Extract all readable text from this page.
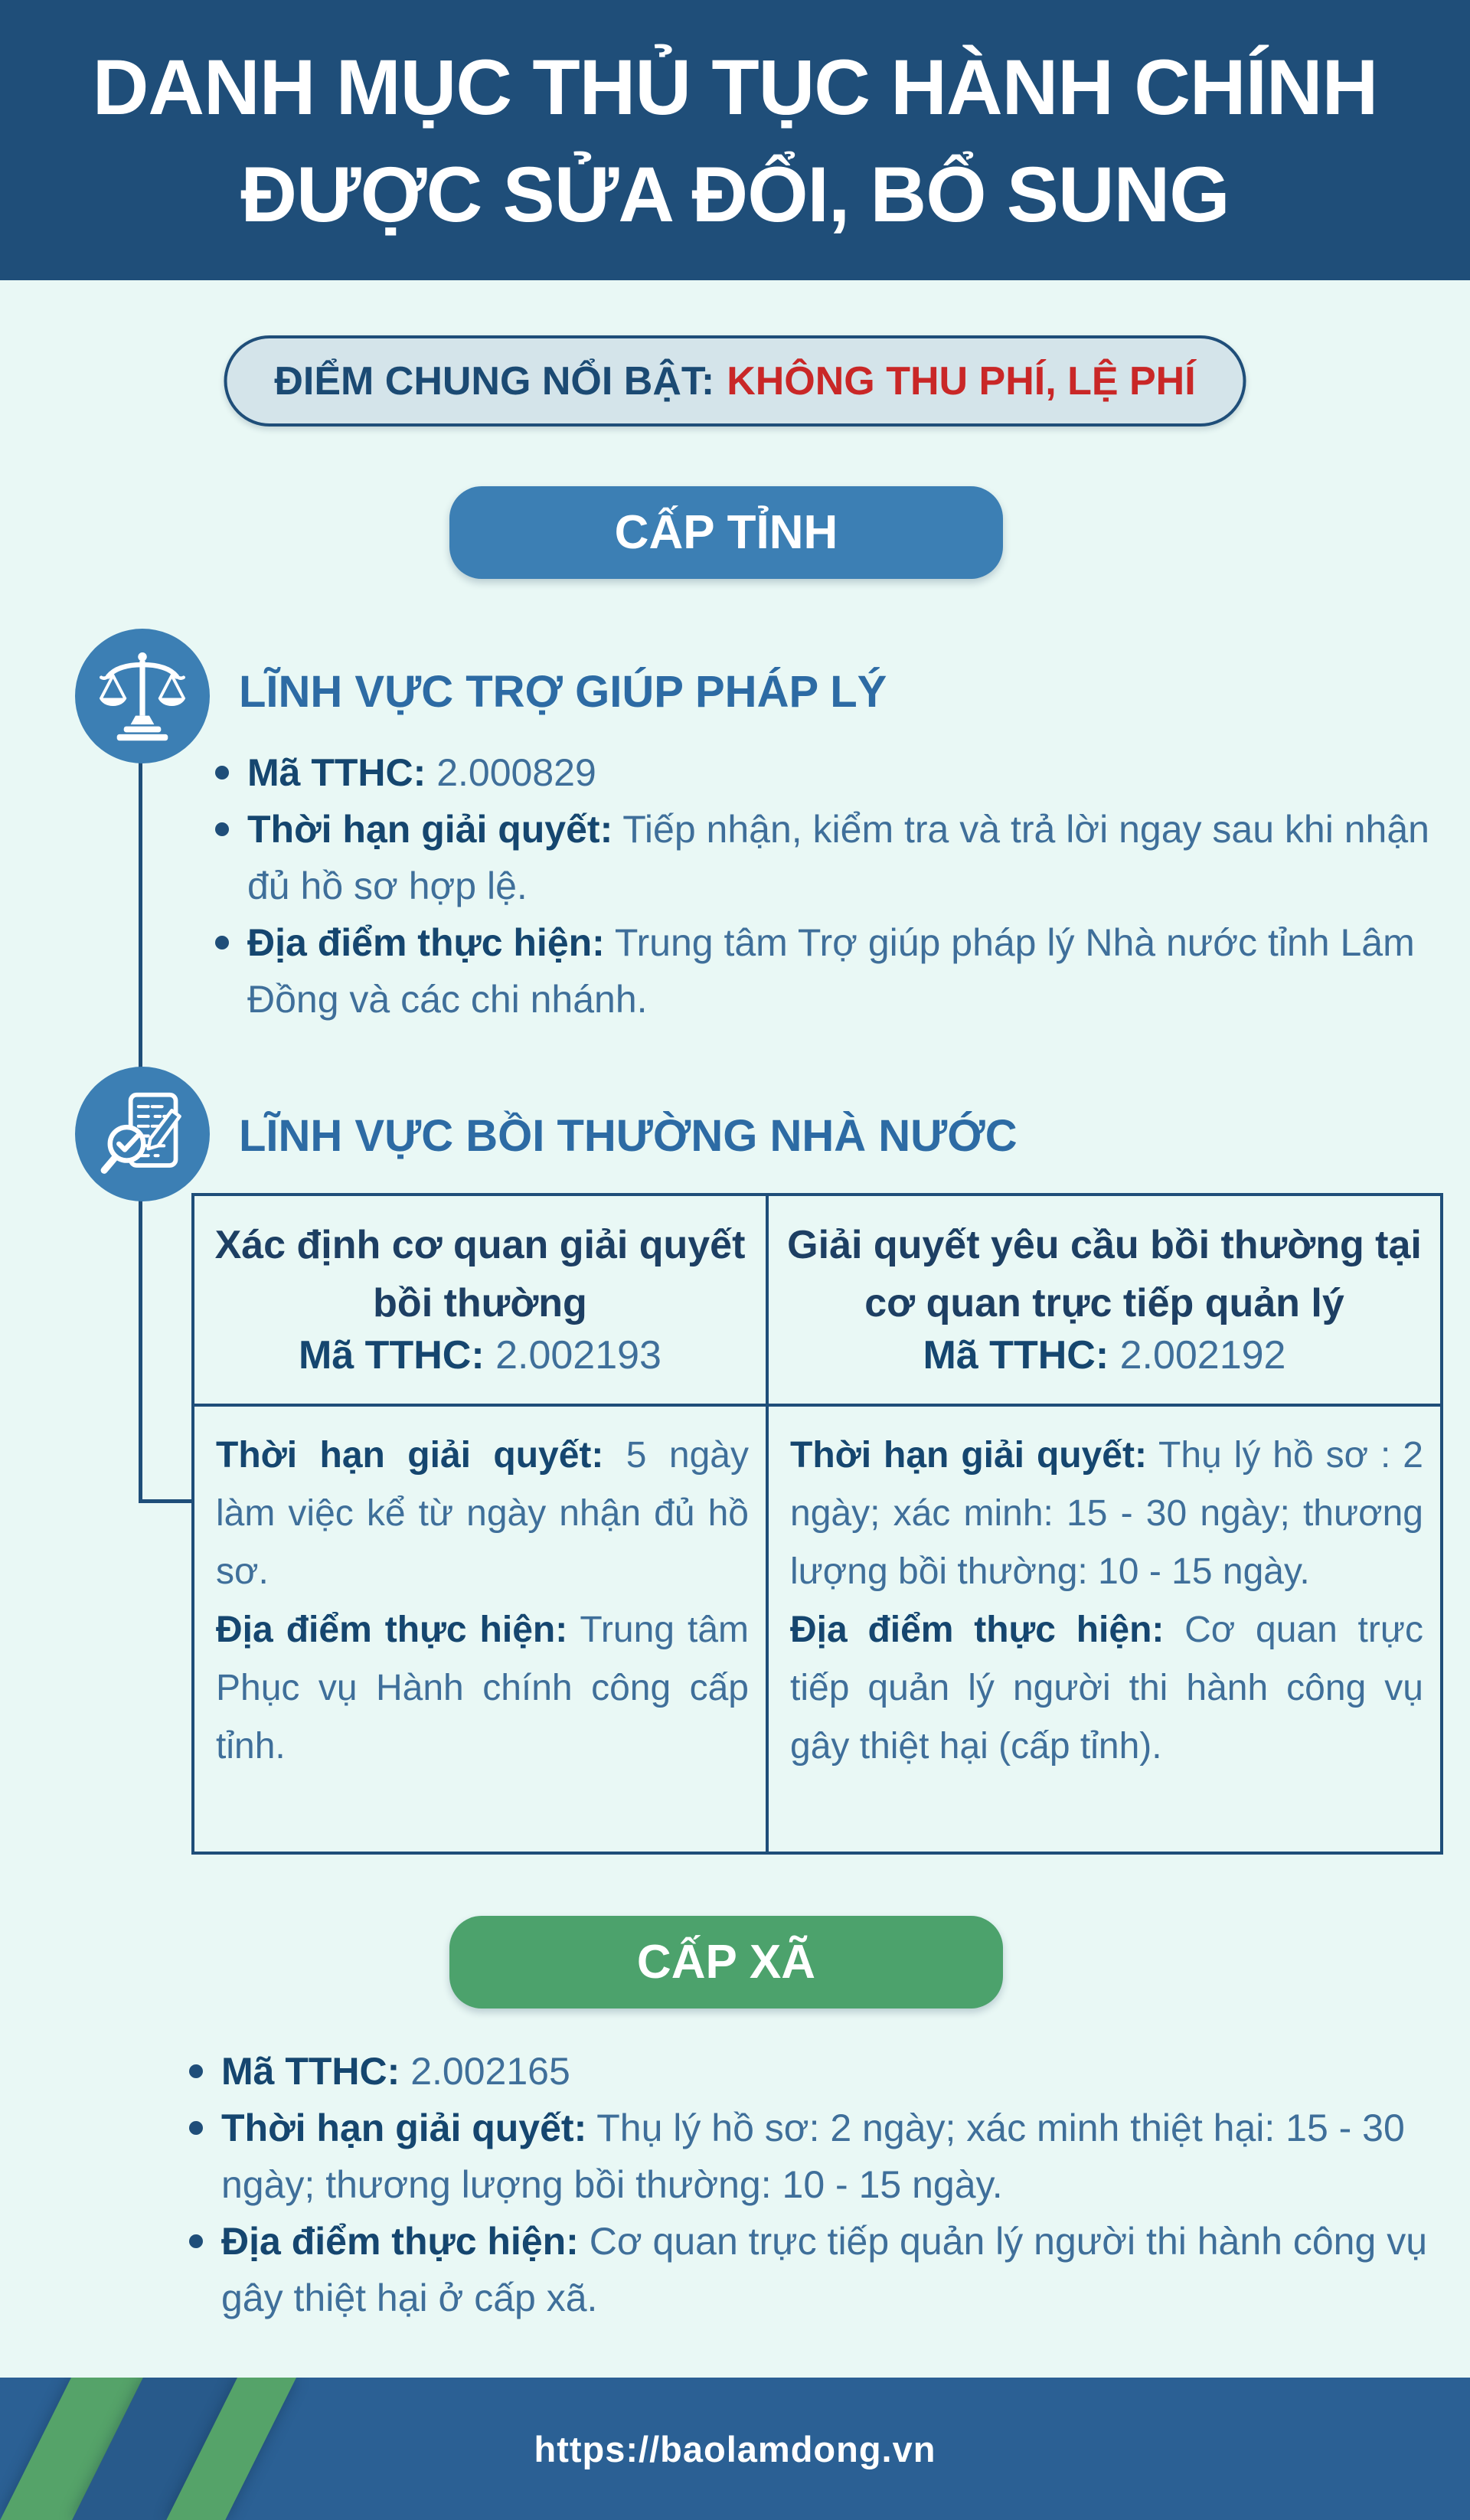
DANH MỤC THỦ TỤC HÀNH CHÍNH
ĐƯỢC SỬA ĐỔI, BỔ SUNG
ĐIỂM CHUNG NỔI BẬT: KHÔNG THU PHÍ, LỆ PHÍ
CẤP TỈNH
LĨNH VỰC TRỢ GIÚP PHÁP LÝ

Mã TTHC: 2.000829

Thời hạn giải quyết: Tiếp nhận, kiểm tra và trả lời ngay sau khi nhận đủ hồ sơ hợp lệ.

Địa điểm thực hiện: Trung tâm Trợ giúp pháp lý Nhà nước tỉnh Lâm Đồng và các chi nhánh.

LĨNH VỰC BỒI THƯỜNG NHÀ NƯỚC

Xác định cơ quan giải quyết bồi thường

Mã TTHC: 2.002193

Giải quyết yêu cầu bồi thường tại cơ quan trực tiếp quản lý

Mã TTHC: 2.002192

Thời hạn giải quyết: 5 ngày làm việc kể từ ngày nhận đủ hồ sơ.

Địa điểm thực hiện: Trung tâm Phục vụ Hành chính công cấp tỉnh.

Thời hạn giải quyết: Thụ lý hồ sơ : 2 ngày; xác minh: 15 - 30 ngày; thương lượng bồi thường: 10 - 15 ngày.

Địa điểm thực hiện: Cơ quan trực tiếp quản lý người thi hành công vụ gây thiệt hại (cấp tỉnh).

CẤP XÃ

Mã TTHC: 2.002165

Thời hạn giải quyết: Thụ lý hồ sơ: 2 ngày; xác minh thiệt hại: 15 - 30 ngày; thương lượng bồi thường: 10 - 15 ngày.

Địa điểm thực hiện: Cơ quan trực tiếp quản lý người thi hành công vụ gây thiệt hại ở cấp xã.

https://baolamdong.vn
